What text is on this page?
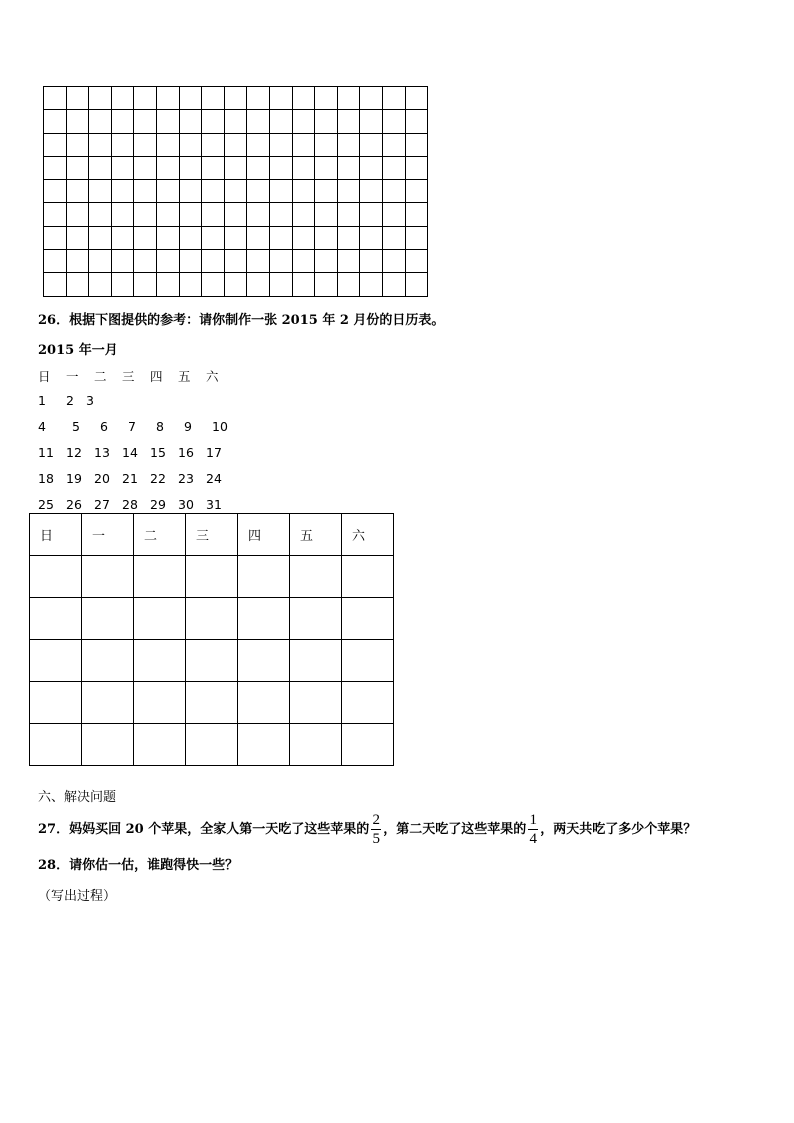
26．根据下图提供的参考：请你制作一张 2015 年 2 月份的日历表。
2015 年一月
日	一	二	三	四	五	六
1	2 3
4	5	6	7	8	9	10
11 12 13 14 15 16 17
18 19 20 21 22 23 24
25 26 27 28 29 30 31
日	一	二	三	四	五	六

六、解决问题
27．妈妈买回 20 个苹果，全家人第一天吃了这些苹果的 $\frac{2}{5}$ ，第二天吃了这些苹果的 $\frac{1}{4}$ ，两天共吃了多少个苹果？
28．请你估一估，谁跑得快一些？
（写出过程）
